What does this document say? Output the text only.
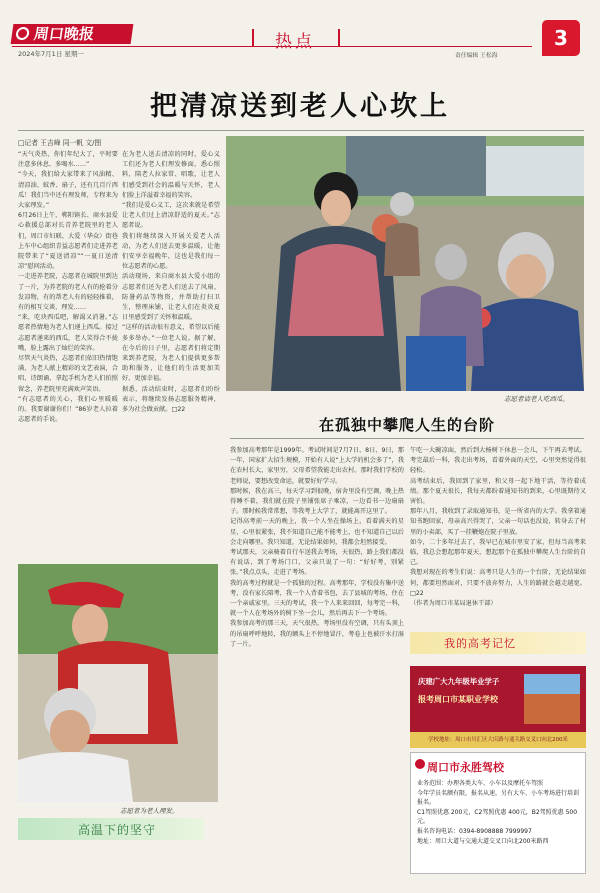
周口晚报
2024年7月1日 星期一
热点
责任编辑 王松海
3
把清凉送到老人心坎上
□记者 王吉峰 同一帆 文/图
“天气炎热，你们年纪大了，平时要注意多休息、多喝水……”
“今天，我们给大家带来了风油精、清凉油、蚊香、扇子，还有几百斤西瓜！我们当中还有理发师，专程来为大家理发。”
6月26日上午，郸阳镇长、商水县爱心救援总部对长青养老院里的老人们，周口市妇联、大爱（华众）街巷上车中心组织青益志愿者们走进养老院带来了“夏送清凉”“一夏日送清凉”慰问活动。
一走进养老院，志愿者在城院里到达了一片，为养老院的老人有的抢着分发凉物，有的帮老人有的轻轻推着，有的相互交谈、理发……
“来，吃块西瓜吧，解渴又消暑。”志愿者热情地为老人们递上西瓜。接过志愿者递来的西瓜，老人笑得合不拢嘴，脸上露出了灿烂的笑容。
尽管天气炎热，志愿者们依旧热情饱满，为老人献上精彩的文艺表演，合唱、诗朗诵、拿起手机为老人们拍照留念，养老院里充满欢声笑语。
“有志愿者的关心，我们心里暖暖的。我要谢谢你们！”86岁老人拉着志愿者的手说。
在为老人送去清凉的同时，爱心义工们还为老人们理发修面，悉心照料，陪老人拉家常、唱歌，让老人们感受到社会的温暖与关怀，老人们脸上洋溢着幸福的笑容。
“我们是爱心义工，这次来就是希望让老人们过上清凉舒适的夏天。”志愿者说。
我们将继续深入开展关爱老人活动，为老人们送去更多温暖，让他们安享幸福晚年，这也是我们每一位志愿者的心愿。
活动现场，来自商水县大爱小组的志愿者们还为老人们送去了风扇、防暑药品等物资，并帮助打扫卫生，整理床铺，让老人们在炎炎夏日里感受到了关怀和温暖。
“这样的活动很有意义，希望以后能多多举办。”一位老人说。据了解，在今后的日子里，志愿者们将定期来到养老院，为老人们提供更多帮助和服务，让他们的生活更加美好、更加幸福。
据悉，活动结束时，志愿者们纷纷表示，将继续发扬志愿服务精神，多为社会做贡献。□22
志愿者请老人吃西瓜。
在孤独中攀爬人生的台阶
我参加高考那年是1999年。考试时间是7月7日、8日、9日，那一年，国家扩大招生规模，开始有人说“上大学的机会多了”，我在农村长大，家里穷，父母希望我能走出农村。那时我们学校的老师说，要想改变命运，就要好好学习。
那时候，我在高三，每天学习到很晚，宿舍里没有空调，晚上热得睡不着，我们就在院子里铺张席子乘凉，一边看书一边扇扇子。那时候我常常想，等我考上大学了，就能离开这里了。
记得高考前一天的晚上，我一个人坐在操场上，看着满天的星星，心里很紧张，我不知道自己能不能考上，也不知道自己以后会走向哪里。我只知道，无论结果如何，我都会坦然接受。
考试那天，父亲骑着自行车送我去考场，天很热，路上我们都没有说话，到了考场门口，父亲只说了一句：“好好考，别紧张。”我点点头，走进了考场。
我的高考过程就是一个孤独的过程。高考那年，学校没有集中送考，没有家长陪考，我一个人背着书包，去了县城的考场，住在一个亲戚家里。三天的考试，我一个人来来回回，每考完一科，就一个人在考场外的树下坐一会儿，然后再去下一个考场。
我参加高考的那三天，天气很热，考场里没有空调，只有头顶上的吊扇呼呼地转，我的额头上不停地冒汗，考卷上也被汗水打湿了一片。
午吃一大碗凉面，然后到大杨树下休息一会儿，下午再去考试。考完最后一科，我走出考场，看着外面的天空，心里突然觉得很轻松。
高考结束后，我回到了家里，和父母一起下地干活，等待着成绩。那个夏天很长，我每天都盼着通知书的到来，心里既期待又害怕。
那年八月，我收到了录取通知书，是一所省内的大学。我拿着通知书跑回家，母亲高兴得哭了，父亲一句话也没说，转身去了村里的小卖部，买了一挂鞭炮在院子里放。
如今，二十多年过去了，我早已在城市里安了家，但每当高考来临，我总会想起那年夏天，想起那个在孤独中攀爬人生台阶的自己。
我想对现在的考生们说：高考只是人生的一个台阶，无论结果如何，都要坦然面对，只要不放弃努力，人生的路就会越走越宽。□22
（作者为周口市某局退休干部）
志愿者为老人理发。
高温下的坚守
我的高考记忆
庆建广大九年级毕业学子
报考周口市某职业学校
学校地址：周口市川汇区大庆路与通关路交叉口向北200米
周口市永胜驾校
业务范围：办理各类大车、小车以及摩托车驾照
今年学员名额有限，报名从速，另有大车、小车考场进行培训报名。
C1驾照优惠 200元，C2驾照优惠 400元，B2驾照优惠 500元。
报名咨询电话：0394-8908888 7999997
地址：周口大道与交通大道交叉口向北200米路西
